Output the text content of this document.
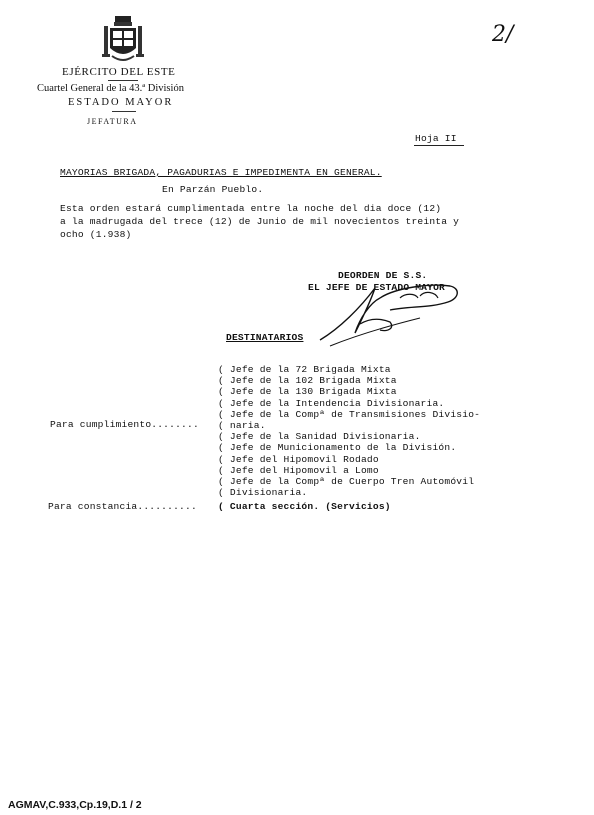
EJÉRCITO DEL ESTE
Cuartel General de la 43.ª División
ESTADO MAYOR
JEFATURA
2/
Hoja II
MAYORIAS BRIGADA, PAGADURIAS E IMPEDIMENTA EN GENERAL.
En Parzán Pueblo.
Esta orden estará cumplimentada entre la noche del dia doce (12)
a la madrugada del trece (12) de Junio de mil novecientos treinta y
ocho (1.938)
DEORDEN DE S.S.
EL JEFE DE ESTADO MAYOR
DESTINATARIOS
( Jefe de la 72 Brigada Mixta
( Jefe de la 102 Brigada Mixta
( Jefe de la 130 Brigada Mixta
( Jefe de la Intendencia Divisionaria.
( Jefe de la Compª de Transmisiones Divisio-
( naria.
( Jefe de la Sanidad Divisionaria.
( Jefe de Municionamento de la División.
( Jefe del Hipomovil Rodado
( Jefe del Hipomovil a Lomo
( Jefe de la Compª de Cuerpo Tren Automóvil
( Divisionaria.
Para cumplimiento........
Para constancia.......... ( Cuarta sección. (Servicios)
AGMAV,C.933,Cp.19,D.1 / 2
